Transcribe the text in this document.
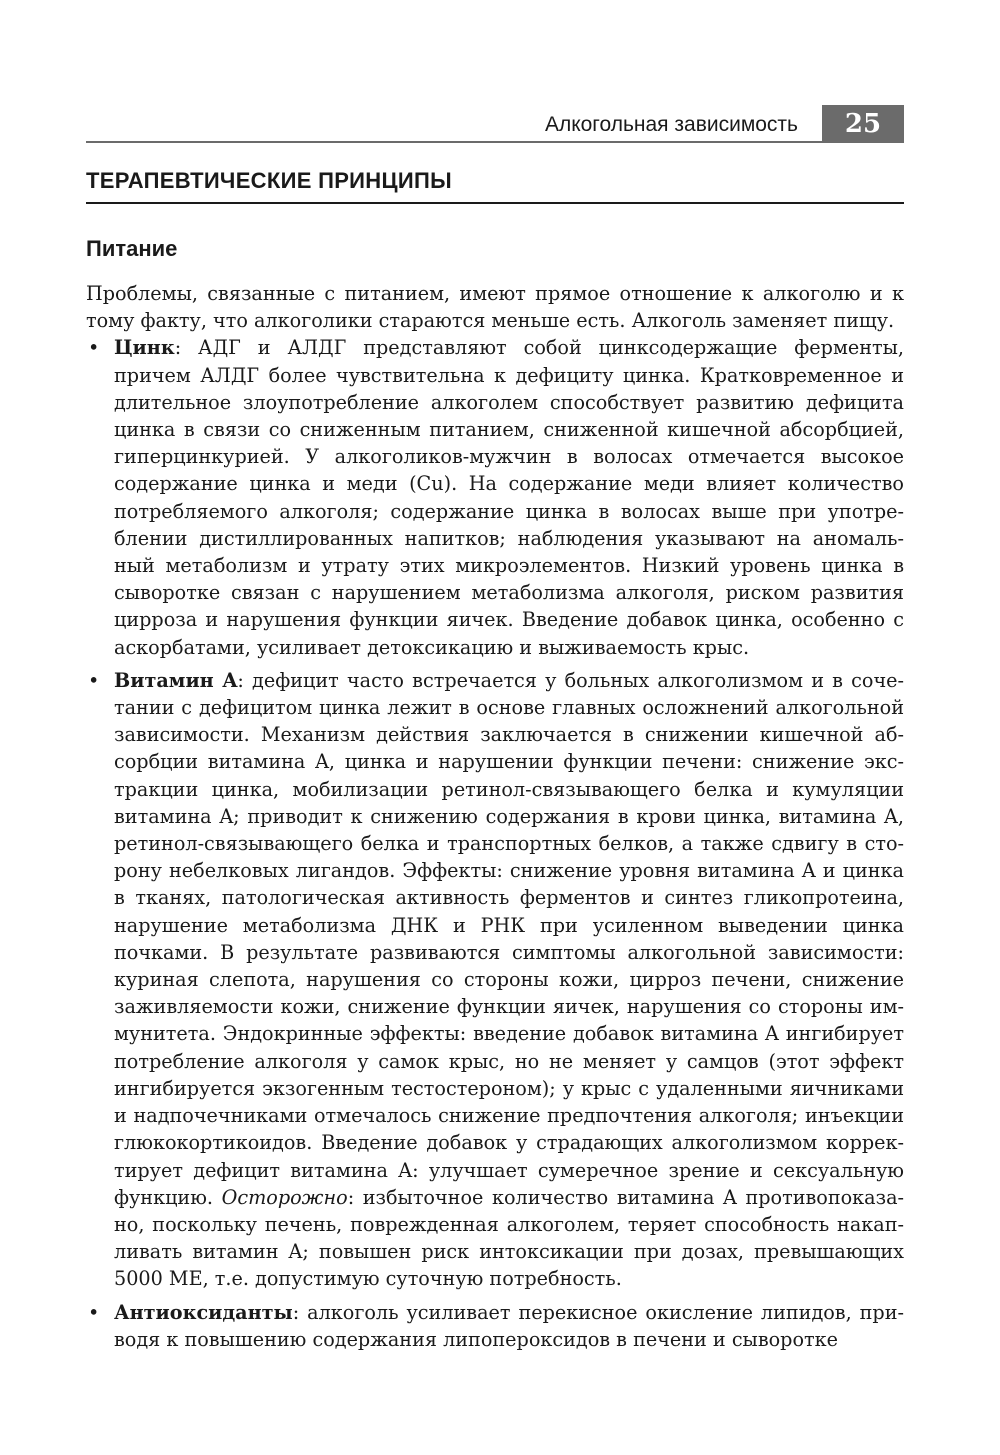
Алкогольная зависимость	25
ТЕРАПЕВТИЧЕСКИЕ ПРИНЦИПЫ
Питание

Проблемы, связанные с питанием, имеют прямое отношение к алкоголю и к тому факту, что алкоголики стараются меньше есть. Алкоголь заменяет пищу.

• Цинк: АДГ и АЛДГ представляют собой цинксодержащие ферменты, причем АЛДГ более чувствительна к дефициту цинка. Кратковременное и длительное злоупотребление алкоголем способствует развитию дефицита цинка в связи со сниженным питанием, сниженной кишечной абсорбцией, гиперцинкурией. У алкоголиков-мужчин в волосах отмечается высокое содержание цинка и меди (Cu). На содержание меди влияет количество потребляемого алкоголя; содержание цинка в волосах выше при употреблении дистиллированных напитков; наблюдения указывают на аномальный метаболизм и утрату этих микроэлементов. Низкий уровень цинка в сыворотке связан с нарушением метаболизма алкоголя, риском развития цирроза и нарушения функции яичек. Введение добавок цинка, особенно с аскорбатами, усиливает детоксикацию и выживаемость крыс.
• Витамин A: дефицит часто встречается у больных алкоголизмом и в сочетании с дефицитом цинка лежит в основе главных осложнений алкогольной зависимости. Механизм действия заключается в снижении кишечной абсорбции витамина A, цинка и нарушении функции печени: снижение экстракции цинка, мобилизации ретинол-связывающего белка и кумуляции витамина A; приводит к снижению содержания в крови цинка, витамина A, ретинол-связывающего белка и транспортных белков, а также сдвигу в сторону небелковых лигандов. Эффекты: снижение уровня витамина A и цинка в тканях, патологическая активность ферментов и синтез гликопротеина, нарушение метаболизма ДНК и РНК при усиленном выведении цинка почками. В результате развиваются симптомы алкогольной зависимости: куриная слепота, нарушения со стороны кожи, цирроз печени, снижение заживляемости кожи, снижение функции яичек, нарушения со стороны иммунитета. Эндокринные эффекты: введение добавок витамина A ингибирует потребление алкоголя у самок крыс, но не меняет у самцов (этот эффект ингибируется экзогенным тестостероном); у крыс с удаленными яичниками и надпочечниками отмечалось снижение предпочтения алкоголя; инъекции глюкокортикоидов. Введение добавок у страдающих алкоголизмом корректирует дефицит витамина A: улучшает сумеречное зрение и сексуальную функцию. Осторожно: избыточное количество витамина A противопоказано, поскольку печень, поврежденная алкоголем, теряет способность накапливать витамин A; повышен риск интоксикации при дозах, превышающих 5000 МЕ, т.е. допустимую суточную потребность.
• Антиоксиданты: алкоголь усиливает перекисное окисление липидов, приводя к повышению содержания липопероксидов в печени и сыворотке
